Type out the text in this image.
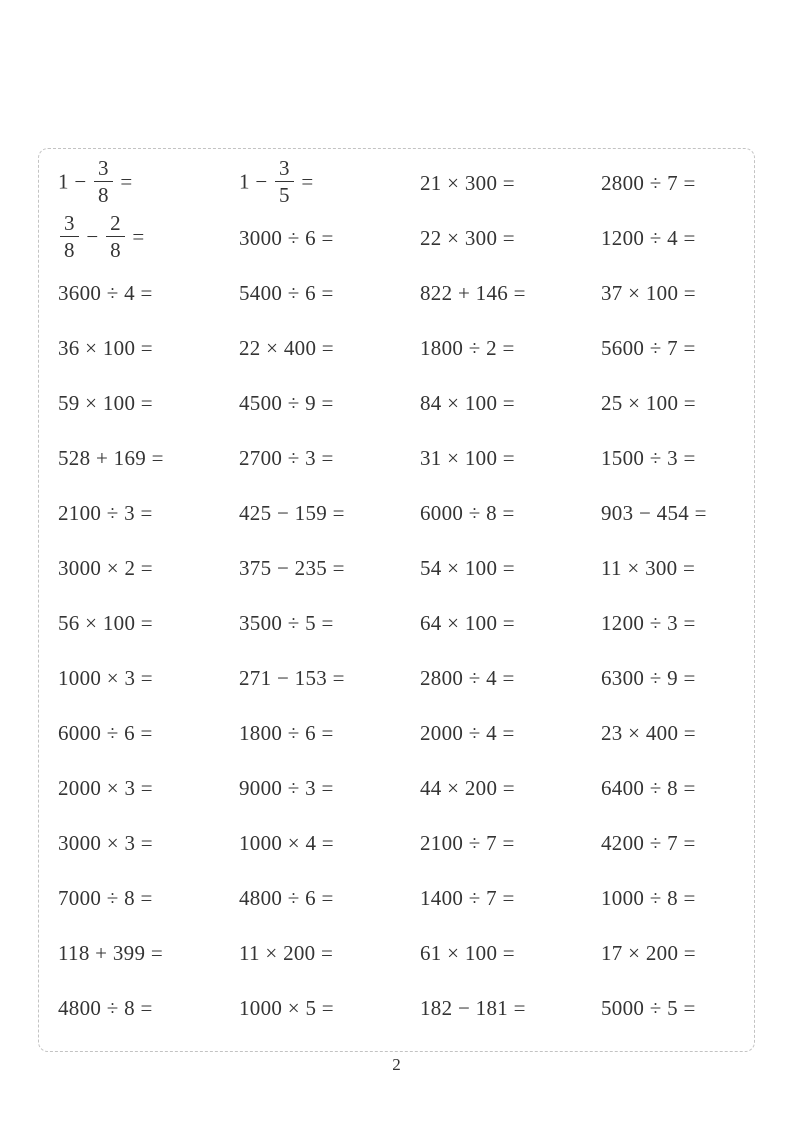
$1 - \frac{3}{8}$ =	$1 - \frac{3}{5}$ =	21 × 300 =	2800 ÷ 7 =
$\frac{3}{8} - \frac{2}{8}$ =	3000 ÷ 6 =	22 × 300 =	1200 ÷ 4 =
3600 ÷ 4 =	5400 ÷ 6 =	822 + 146 =	37 × 100 =
36 × 100 =	22 × 400 =	1800 ÷ 2 =	5600 ÷ 7 =
59 × 100 =	4500 ÷ 9 =	84 × 100 =	25 × 100 =
528 + 169 =	2700 ÷ 3 =	31 × 100 =	1500 ÷ 3 =
2100 ÷ 3 =	425 − 159 =	6000 ÷ 8 =	903 − 454 =
3000 × 2 =	375 − 235 =	54 × 100 =	11 × 300 =
56 × 100 =	3500 ÷ 5 =	64 × 100 =	1200 ÷ 3 =
1000 × 3 =	271 − 153 =	2800 ÷ 4 =	6300 ÷ 9 =
6000 ÷ 6 =	1800 ÷ 6 =	2000 ÷ 4 =	23 × 400 =
2000 × 3 =	9000 ÷ 3 =	44 × 200 =	6400 ÷ 8 =
3000 × 3 =	1000 × 4 =	2100 ÷ 7 =	4200 ÷ 7 =
7000 ÷ 8 =	4800 ÷ 6 =	1400 ÷ 7 =	1000 ÷ 8 =
118 + 399 =	11 × 200 =	61 × 100 =	17 × 200 =
4800 ÷ 8 =	1000 × 5 =	182 − 181 =	5000 ÷ 5 =
2
